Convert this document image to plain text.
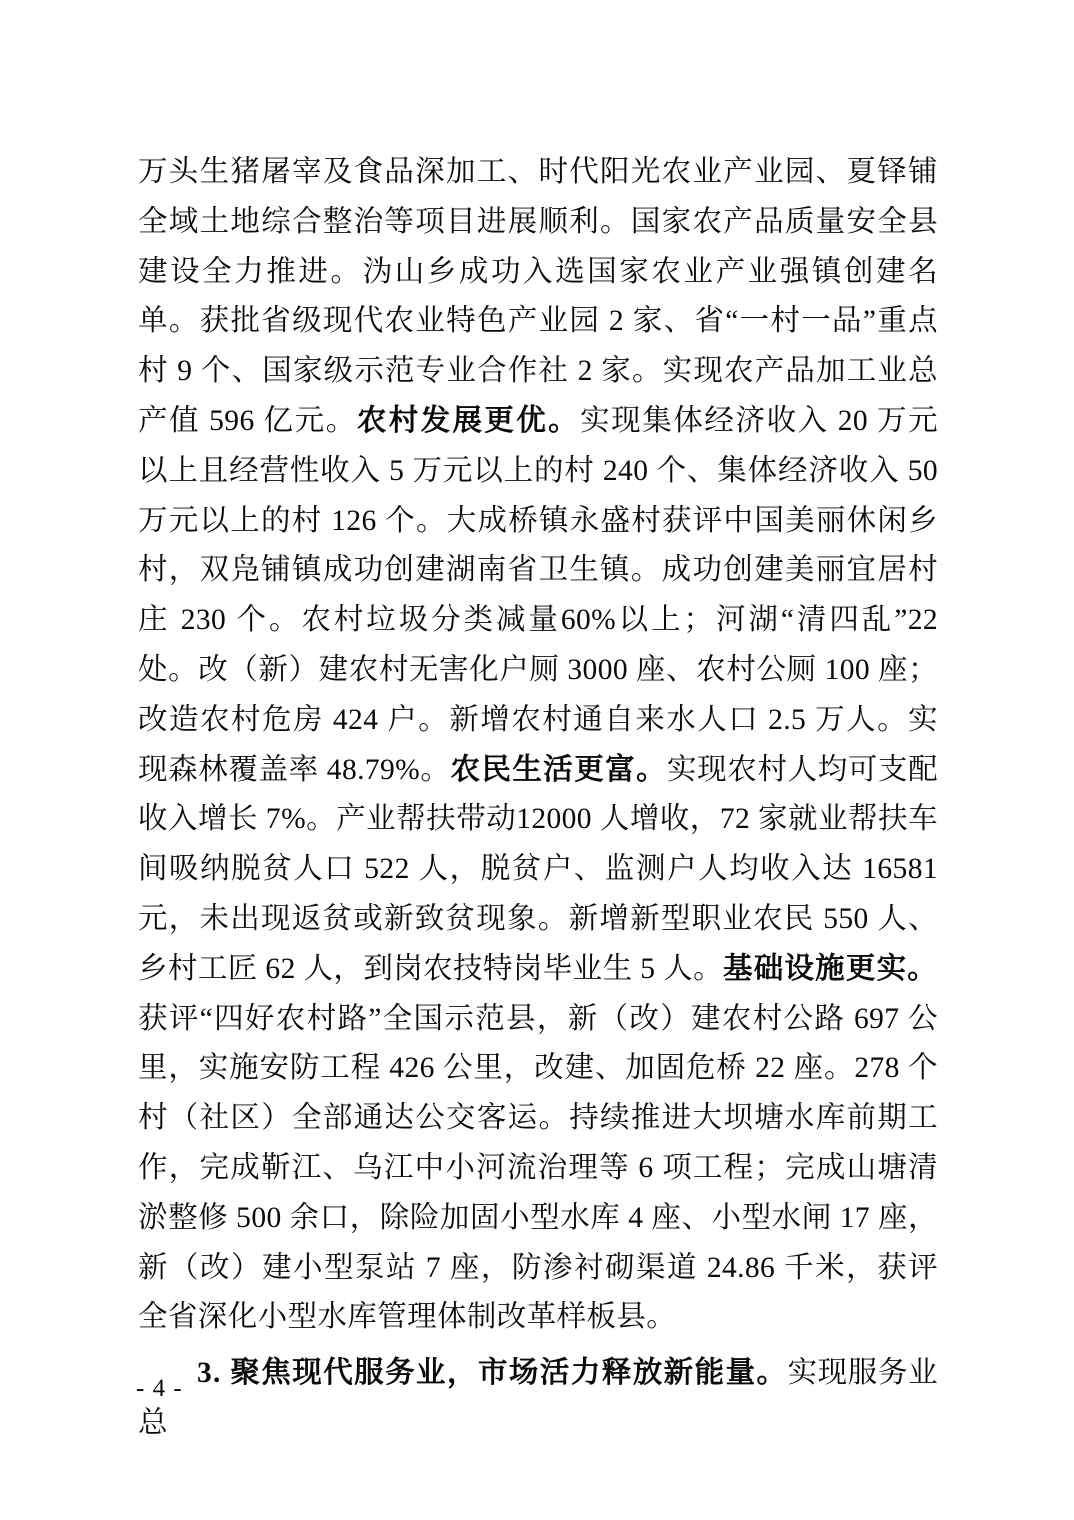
万头生猪屠宰及食品深加工、时代阳光农业产业园、夏铎铺全域土地综合整治等项目进展顺利。国家农产品质量安全县建设全力推进。沩山乡成功入选国家农业产业强镇创建名单。获批省级现代农业特色产业园 2 家、省“一村一品”重点村 9 个、国家级示范专业合作社 2 家。实现农产品加工业总产值 596 亿元。农村发展更优。实现集体经济收入 20 万元以上且经营性收入 5 万元以上的村 240 个、集体经济收入 50 万元以上的村 126 个。大成桥镇永盛村获评中国美丽休闲乡村，双凫铺镇成功创建湖南省卫生镇。成功创建美丽宜居村庄 230 个。农村垃圾分类减量60%以上；河湖“清四乱”22 处。改（新）建农村无害化户厕 3000 座、农村公厕 100 座；改造农村危房 424 户。新增农村通自来水人口 2.5 万人。实现森林覆盖率 48.79%。农民生活更富。实现农村人均可支配收入增长 7%。产业帮扶带动12000 人增收，72 家就业帮扶车间吸纳脱贫人口 522 人，脱贫户、监测户人均收入达 16581 元，未出现返贫或新致贫现象。新增新型职业农民 550 人、乡村工匠 62 人，到岗农技特岗毕业生 5 人。基础设施更实。获评“四好农村路”全国示范县，新（改）建农村公路 697 公里，实施安防工程 426 公里，改建、加固危桥 22 座。278 个村（社区）全部通达公交客运。持续推进大坝塘水库前期工作，完成靳江、乌江中小河流治理等 6 项工程；完成山塘清淤整修 500 余口，除险加固小型水库 4 座、小型水闸 17 座，新（改）建小型泵站 7 座，防渗衬砌渠道 24.86 千米，获评全省深化小型水库管理体制改革样板县。

3. 聚焦现代服务业，市场活力释放新能量。实现服务业总

- 4 -
